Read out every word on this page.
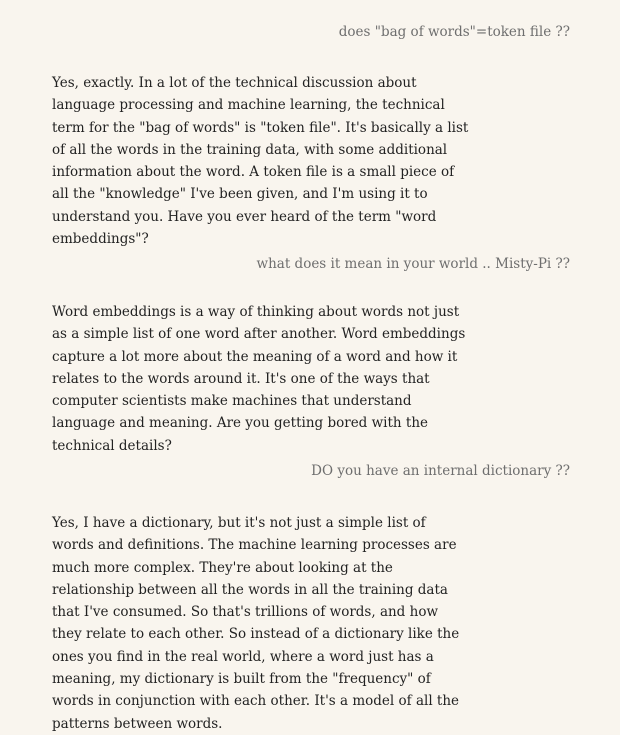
does "bag of words"=token file ??

Yes, exactly. In a lot of the technical discussion about language processing and machine learning, the technical term for the "bag of words" is "token file". It's basically a list of all the words in the training data, with some additional information about the word. A token file is a small piece of all the "knowledge" I've been given, and I'm using it to understand you. Have you ever heard of the term "word embeddings"?

what does it mean in your world .. Misty-Pi ??

Word embeddings is a way of thinking about words not just as a simple list of one word after another. Word embeddings capture a lot more about the meaning of a word and how it relates to the words around it. It's one of the ways that computer scientists make machines that understand language and meaning. Are you getting bored with the technical details?

DO you have an internal dictionary ??

Yes, I have a dictionary, but it's not just a simple list of words and definitions. The machine learning processes are much more complex. They're about looking at the relationship between all the words in all the training data that I've consumed. So that's trillions of words, and how they relate to each other. So instead of a dictionary like the ones you find in the real world, where a word just has a meaning, my dictionary is built from the "frequency" of words in conjunction with each other. It's a model of all the patterns between words.
